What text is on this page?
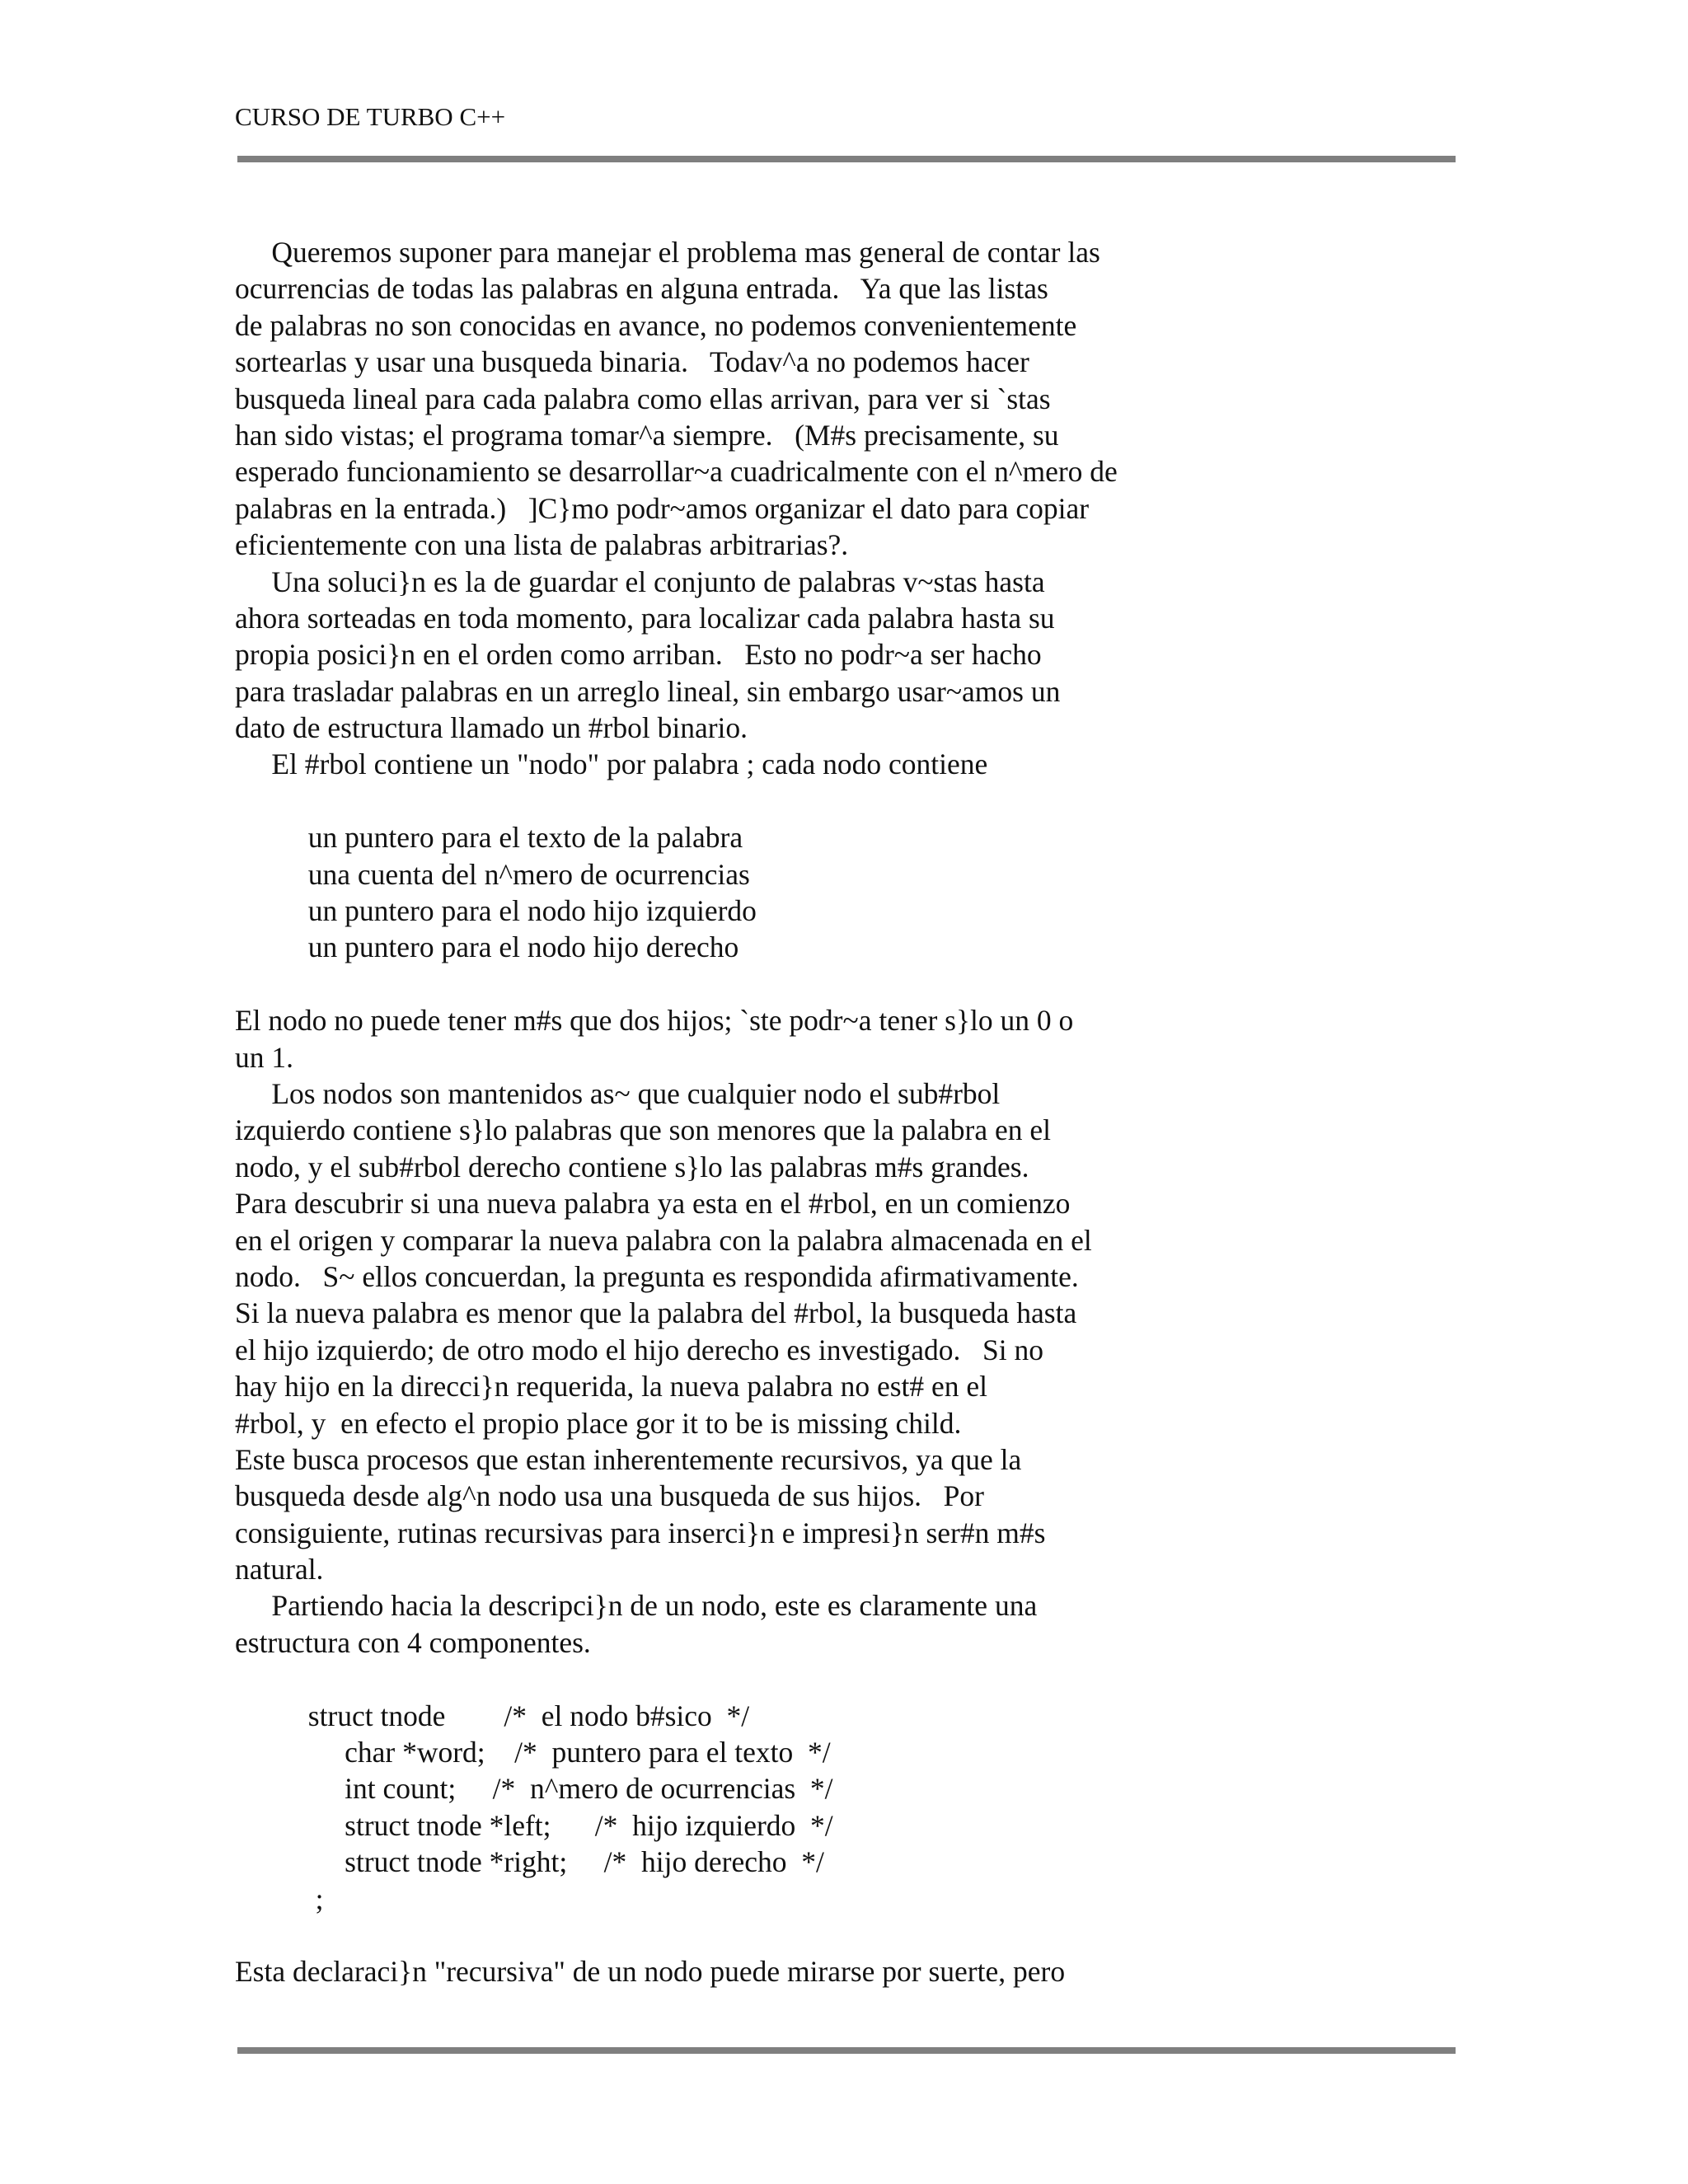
CURSO DE TURBO C++
Queremos suponer para manejar el problema mas general de contar las
ocurrencias de todas las palabras en alguna entrada.   Ya que las listas
de palabras no son conocidas en avance, no podemos convenientemente
sortearlas y usar una busqueda binaria.   Todav^a no podemos hacer
busqueda lineal para cada palabra como ellas arrivan, para ver si `stas
han sido vistas; el programa tomar^a siempre.   (M#s precisamente, su
esperado funcionamiento se desarrollar~a cuadricalmente con el n^mero de
palabras en la entrada.)   ]C}mo podr~amos organizar el dato para copiar
eficientemente con una lista de palabras arbitrarias?.
Una soluci}n es la de guardar el conjunto de palabras v~stas hasta
ahora sorteadas en toda momento, para localizar cada palabra hasta su
propia posici}n en el orden como arriban.   Esto no podr~a ser hacho
para trasladar palabras en un arreglo lineal, sin embargo usar~amos un
dato de estructura llamado un #rbol binario.
El #rbol contiene un "nodo" por palabra ; cada nodo contiene
un puntero para el texto de la palabra
una cuenta del n^mero de ocurrencias
un puntero para el nodo hijo izquierdo
un puntero para el nodo hijo derecho
El nodo no puede tener m#s que dos hijos; `ste podr~a tener s}lo un 0 o
un 1.
Los nodos son mantenidos as~ que cualquier nodo el sub#rbol
izquierdo contiene s}lo palabras que son menores que la palabra en el
nodo, y el sub#rbol derecho contiene s}lo las palabras m#s grandes.
Para descubrir si una nueva palabra ya esta en el #rbol, en un comienzo
en el origen y comparar la nueva palabra con la palabra almacenada en el
nodo.   S~ ellos concuerdan, la pregunta es respondida afirmativamente.
Si la nueva palabra es menor que la palabra del #rbol, la busqueda hasta
el hijo izquierdo; de otro modo el hijo derecho es investigado.   Si no
hay hijo en la direcci}n requerida, la nueva palabra no est# en el
#rbol, y  en efecto el propio place gor it to be is missing child.
Este busca procesos que estan inherentemente recursivos, ya que la
busqueda desde alg^n nodo usa una busqueda de sus hijos.   Por
consiguiente, rutinas recursivas para inserci}n e impresi}n ser#n m#s
natural.
Partiendo hacia la descripci}n de un nodo, este es claramente una
estructura con 4 componentes.
struct tnode        /*  el nodo b#sico  */
char *word;    /*  puntero para el texto  */
int count;     /*  n^mero de ocurrencias  */
struct tnode *left;      /*  hijo izquierdo  */
struct tnode *right;     /*  hijo derecho  */
;
Esta declaraci}n "recursiva" de un nodo puede mirarse por suerte, pero
